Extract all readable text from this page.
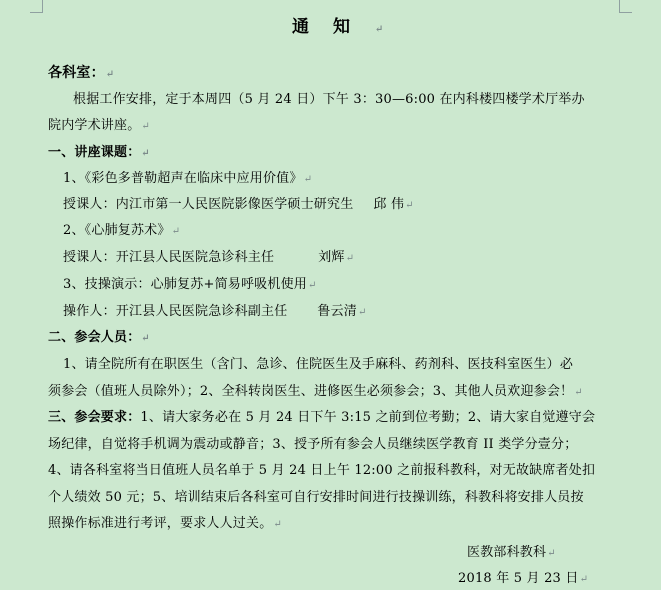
通知↵
各科室：↵
根据工作安排，定于本周四（5 月 24 日）下午 3：30—6:00 在内科楼四楼学术厅举办
院内学术讲座。↵
一、讲座课题：↵
1、《彩色多普勒超声在临床中应用价值》↵
授课人：内江市第一人民医院影像医学硕士研究生 邱 伟↵
2、《心肺复苏术》↵
授课人：开江县人民医院急诊科主任	刘辉↵
3、技操演示：心肺复苏+简易呼吸机使用↵
操作人：开江县人民医院急诊科副主任 鲁云清↵
二、参会人员：↵
1、请全院所有在职医生（含门、急诊、住院医生及手麻科、药剂科、医技科室医生）必
须参会（值班人员除外）；2、全科转岗医生、进修医生必须参会；3、其他人员欢迎参会！↵
三、参会要求：1、请大家务必在 5 月 24 日下午 3:15 之前到位考勤；2、请大家自觉遵守会
场纪律，自觉将手机调为震动或静音；3、授予所有参会人员继续医学教育 II 类学分壹分；
4、请各科室将当日值班人员名单于 5 月 24 日上午 12:00 之前报科教科，对无故缺席者处扣
个人绩效 50 元；5、培训结束后各科室可自行安排时间进行技操训练，科教科将安排人员按
照操作标准进行考评，要求人人过关。↵
医教部科教科↵
2018 年 5 月 23 日↵
